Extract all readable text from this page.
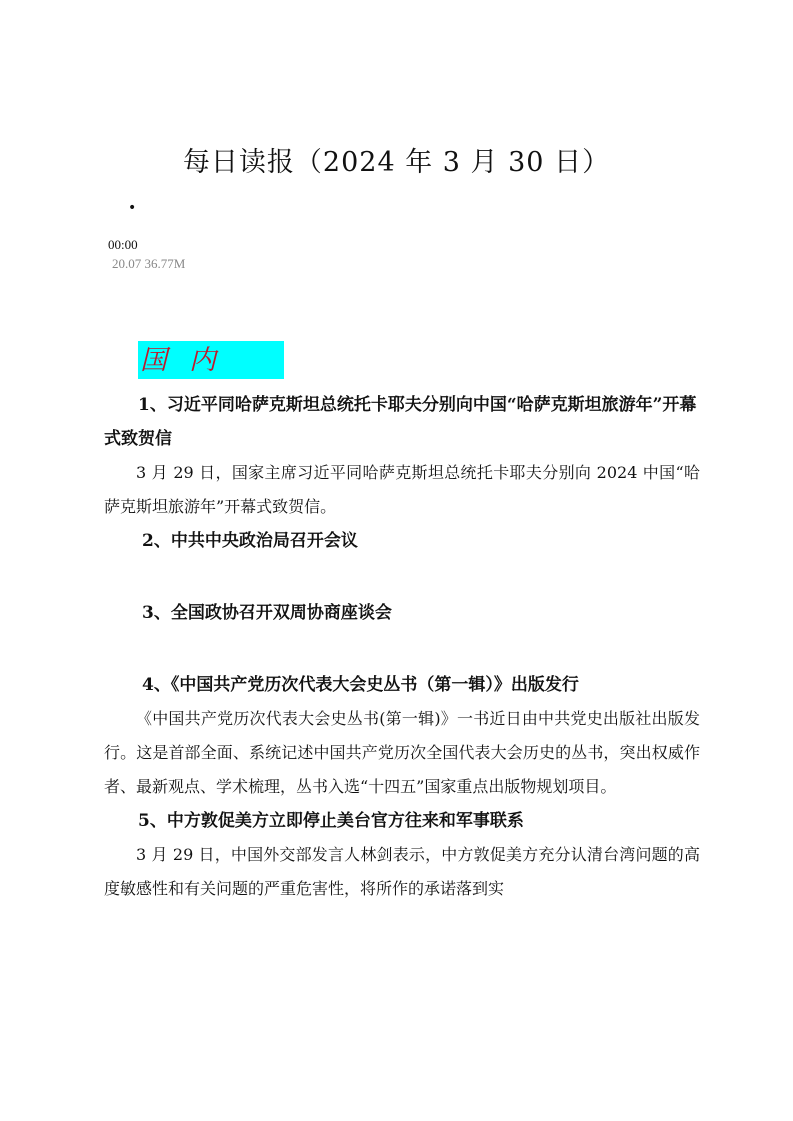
每日读报（2024 年 3 月 30 日）
•
00:00
20.07 36.77M
国内

1、习近平同哈萨克斯坦总统托卡耶夫分别向中国“哈萨克斯坦旅游年”开幕式致贺信

3 月 29 日，国家主席习近平同哈萨克斯坦总统托卡耶夫分别向 2024 中国“哈萨克斯坦旅游年”开幕式致贺信。

2、中共中央政治局召开会议

3、全国政协召开双周协商座谈会

4、《中国共产党历次代表大会史丛书（第一辑）》出版发行

《中国共产党历次代表大会史丛书(第一辑)》一书近日由中共党史出版社出版发行。这是首部全面、系统记述中国共产党历次全国代表大会历史的丛书，突出权威作者、最新观点、学术梳理，丛书入选“十四五”国家重点出版物规划项目。

5、中方敦促美方立即停止美台官方往来和军事联系

3 月 29 日，中国外交部发言人林剑表示，中方敦促美方充分认清台湾问题的高度敏感性和有关问题的严重危害性，将所作的承诺落到实
